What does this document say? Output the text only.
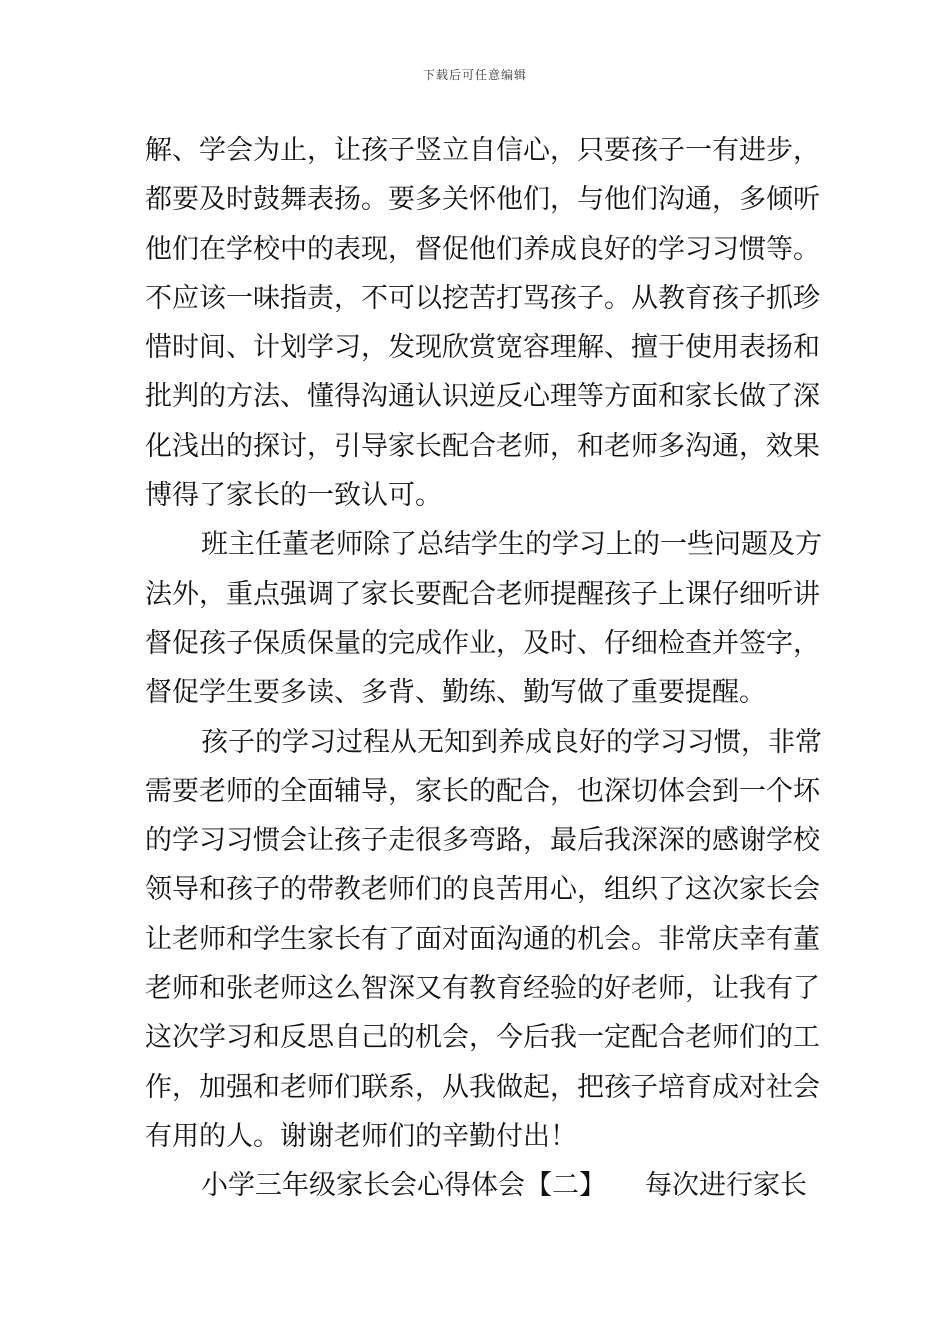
下载后可任意编辑
解、学会为止，让孩子竖立自信心，只要孩子一有进步，
都要及时鼓舞表扬。要多关怀他们，与他们沟通，多倾听
他们在学校中的表现，督促他们养成良好的学习习惯等。
不应该一味指责，不可以挖苦打骂孩子。从教育孩子抓珍
惜时间、计划学习，发现欣赏宽容理解、擅于使用表扬和
批判的方法、懂得沟通认识逆反心理等方面和家长做了深
化浅出的探讨，引导家长配合老师，和老师多沟通，效果
博得了家长的一致认可。
班主任董老师除了总结学生的学习上的一些问题及方
法外，重点强调了家长要配合老师提醒孩子上课仔细听讲
督促孩子保质保量的完成作业，及时、仔细检查并签字，
督促学生要多读、多背、勤练、勤写做了重要提醒。
孩子的学习过程从无知到养成良好的学习习惯，非常
需要老师的全面辅导，家长的配合，也深切体会到一个坏
的学习习惯会让孩子走很多弯路，最后我深深的感谢学校
领导和孩子的带教老师们的良苦用心，组织了这次家长会
让老师和学生家长有了面对面沟通的机会。非常庆幸有董
老师和张老师这么智深又有教育经验的好老师，让我有了
这次学习和反思自己的机会，今后我一定配合老师们的工
作，加强和老师们联系，从我做起，把孩子培育成对社会
有用的人。谢谢老师们的辛勤付出！
小学三年级家长会心得体会【二】 每次进行家长
